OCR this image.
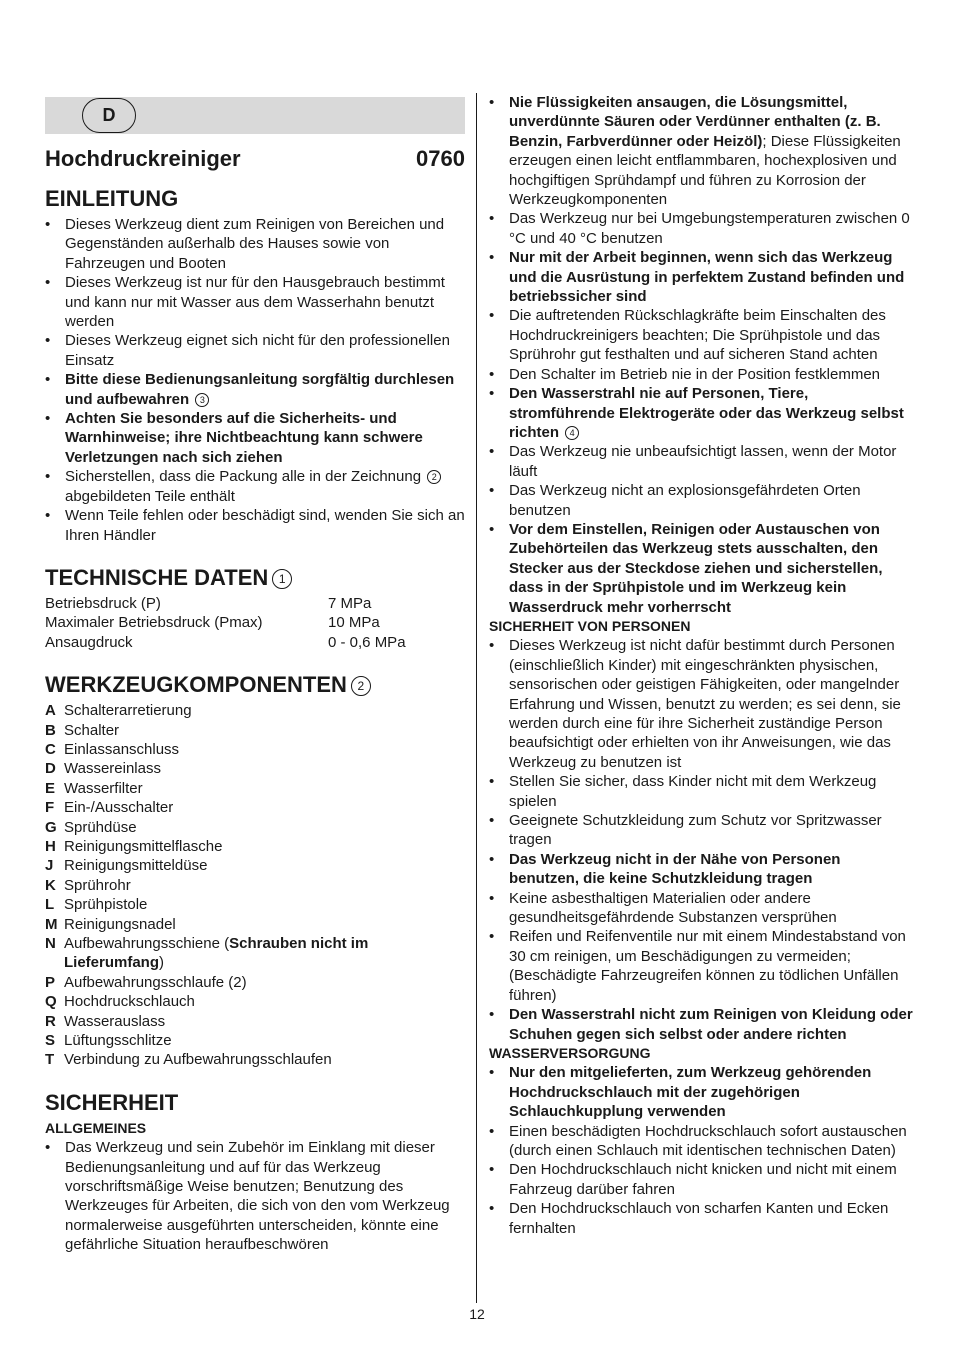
D
Hochdruckreiniger	0760
EINLEITUNG
• Dieses Werkzeug dient zum Reinigen von Bereichen und Gegenständen außerhalb des Hauses sowie von Fahrzeugen und Booten
• Dieses Werkzeug ist nur für den Hausgebrauch bestimmt und kann nur mit Wasser aus dem Wasserhahn benutzt werden
• Dieses Werkzeug eignet sich nicht für den professionellen Einsatz
• Bitte diese Bedienungsanleitung sorgfältig durchlesen und aufbewahren 3
• Achten Sie besonders auf die Sicherheits- und Warnhinweise; ihre Nichtbeachtung kann schwere Verletzungen nach sich ziehen
• Sicherstellen, dass die Packung alle in der Zeichnung 2 abgebildeten Teile enthält
• Wenn Teile fehlen oder beschädigt sind, wenden Sie sich an Ihren Händler
TECHNISCHE DATEN 1
Betriebsdruck (P)	7 MPa
Maximaler Betriebsdruck (Pmax)	10 MPa
Ansaugdruck	0 - 0,6 MPa
WERKZEUGKOMPONENTEN 2
A Schalterarretierung
B Schalter
C Einlassanschluss
D Wassereinlass
E Wasserfilter
F Ein-/Ausschalter
G Sprühdüse
H Reinigungsmittelflasche
J Reinigungsmitteldüse
K Sprührohr
L Sprühpistole
M Reinigungsnadel
N Aufbewahrungsschiene (Schrauben nicht im Lieferumfang)
P Aufbewahrungsschlaufe (2)
Q Hochdruckschlauch
R Wasserauslass
S Lüftungsschlitze
T Verbindung zu Aufbewahrungsschlaufen
SICHERHEIT
ALLGEMEINES
• Das Werkzeug und sein Zubehör im Einklang mit dieser Bedienungsanleitung und auf für das Werkzeug vorschriftsmäßige Weise benutzen; Benutzung des Werkzeuges für Arbeiten, die sich von den vom Werkzeug normalerweise ausgeführten unterscheiden, könnte eine gefährliche Situation heraufbeschwören
• Nie Flüssigkeiten ansaugen, die Lösungsmittel, unverdünnte Säuren oder Verdünner enthalten (z. B. Benzin, Farbverdünner oder Heizöl); Diese Flüssigkeiten erzeugen einen leicht entflammbaren, hochexplosiven und hochgiftigen Sprühdampf und führen zu Korrosion der Werkzeugkomponenten
• Das Werkzeug nur bei Umgebungstemperaturen zwischen 0 °C und 40 °C benutzen
• Nur mit der Arbeit beginnen, wenn sich das Werkzeug und die Ausrüstung in perfektem Zustand befinden und betriebssicher sind
• Die auftretenden Rückschlagkräfte beim Einschalten des Hochdruckreinigers beachten; Die Sprühpistole und das Sprührohr gut festhalten und auf sicheren Stand achten
• Den Schalter im Betrieb nie in der Position festklemmen
• Den Wasserstrahl nie auf Personen, Tiere, stromführende Elektrogeräte oder das Werkzeug selbst richten 4
• Das Werkzeug nie unbeaufsichtigt lassen, wenn der Motor läuft
• Das Werkzeug nicht an explosionsgefährdeten Orten benutzen
• Vor dem Einstellen, Reinigen oder Austauschen von Zubehörteilen das Werkzeug stets ausschalten, den Stecker aus der Steckdose ziehen und sicherstellen, dass in der Sprühpistole und im Werkzeug kein Wasserdruck mehr vorherrscht
SICHERHEIT VON PERSONEN
• Dieses Werkzeug ist nicht dafür bestimmt durch Personen (einschließlich Kinder) mit eingeschränkten physischen, sensorischen oder geistigen Fähigkeiten, oder mangelnder Erfahrung und Wissen, benutzt zu werden; es sei denn, sie werden durch eine für ihre Sicherheit zuständige Person beaufsichtigt oder erhielten von ihr Anweisungen, wie das Werkzeug zu benutzen ist
• Stellen Sie sicher, dass Kinder nicht mit dem Werkzeug spielen
• Geeignete Schutzkleidung zum Schutz vor Spritzwasser tragen
• Das Werkzeug nicht in der Nähe von Personen benutzen, die keine Schutzkleidung tragen
• Keine asbesthaltigen Materialien oder andere gesundheitsgefährdende Substanzen versprühen
• Reifen und Reifenventile nur mit einem Mindestabstand von 30 cm reinigen, um Beschädigungen zu vermeiden; (Beschädigte Fahrzeugreifen können zu tödlichen Unfällen führen)
• Den Wasserstrahl nicht zum Reinigen von Kleidung oder Schuhen gegen sich selbst oder andere richten
WASSERVERSORGUNG
• Nur den mitgelieferten, zum Werkzeug gehörenden Hochdruckschlauch mit der zugehörigen Schlauchkupplung verwenden
• Einen beschädigten Hochdruckschlauch sofort austauschen (durch einen Schlauch mit identischen technischen Daten)
• Den Hochdruckschlauch nicht knicken und nicht mit einem Fahrzeug darüber fahren
• Den Hochdruckschlauch von scharfen Kanten und Ecken fernhalten
12
